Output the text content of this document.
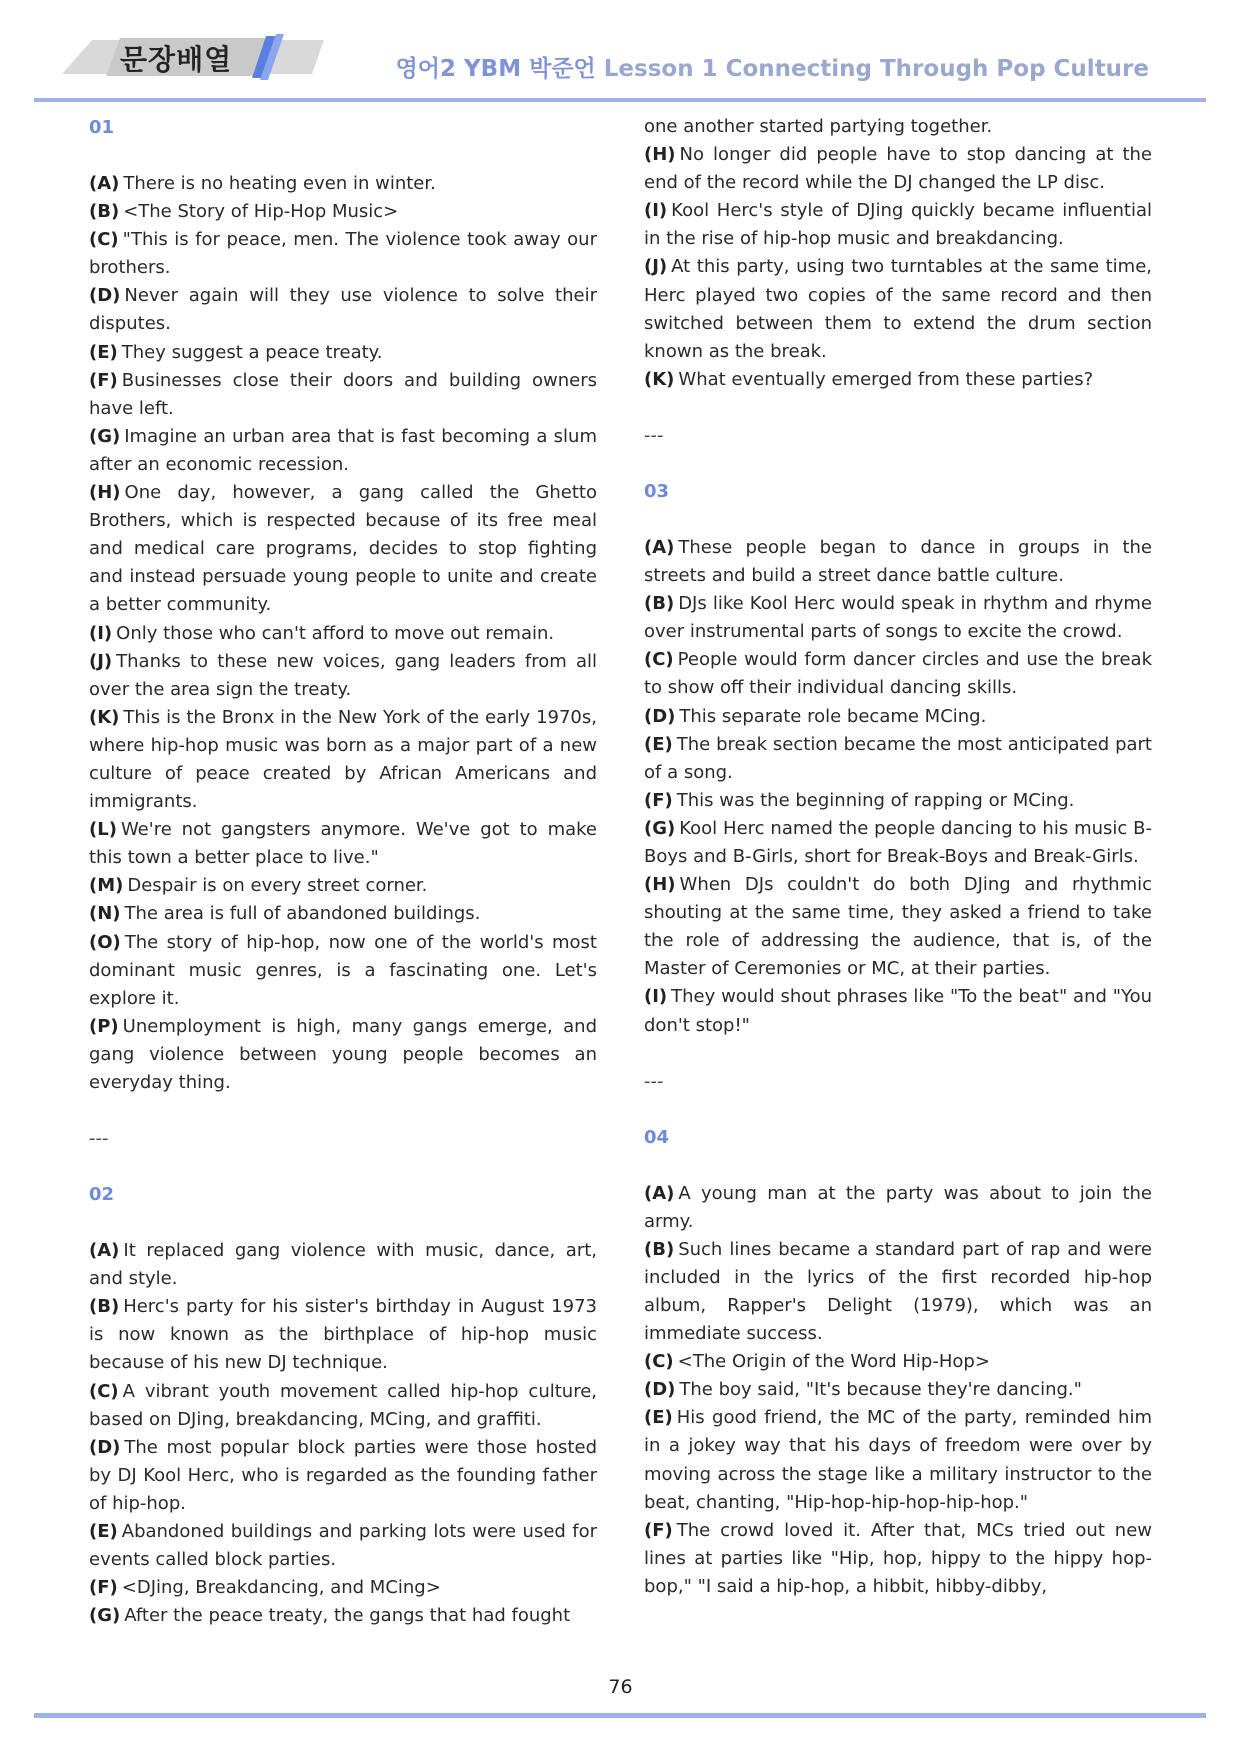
문장배열	영어2 YBM 박준언 Lesson 1 Connecting Through Pop Culture
01

(A) There is no heating even in winter.

(B) <The Story of Hip-Hop Music>

(C) "This is for peace, men. The violence took away our brothers.

(D) Never again will they use violence to solve their disputes.

(E) They suggest a peace treaty.

(F) Businesses close their doors and building owners have left.

(G) Imagine an urban area that is fast becoming a slum after an economic recession.

(H) One day, however, a gang called the Ghetto Brothers, which is respected because of its free meal and medical care programs, decides to stop fighting and instead persuade young people to unite and create a better community.

(I) Only those who can't afford to move out remain.

(J) Thanks to these new voices, gang leaders from all over the area sign the treaty.

(K) This is the Bronx in the New York of the early 1970s, where hip-hop music was born as a major part of a new culture of peace created by African Americans and immigrants.

(L) We're not gangsters anymore. We've got to make this town a better place to live."

(M) Despair is on every street corner.

(N) The area is full of abandoned buildings.

(O) The story of hip-hop, now one of the world's most dominant music genres, is a fascinating one. Let's explore it.

(P) Unemployment is high, many gangs emerge, and gang violence between young people becomes an everyday thing.

---
02

(A) It replaced gang violence with music, dance, art, and style.

(B) Herc's party for his sister's birthday in August 1973 is now known as the birthplace of hip-hop music because of his new DJ technique.

(C) A vibrant youth movement called hip-hop culture, based on DJing, breakdancing, MCing, and graffiti.

(D) The most popular block parties were those hosted by DJ Kool Herc, who is regarded as the founding father of hip-hop.

(E) Abandoned buildings and parking lots were used for events called block parties.

(F) <DJing, Breakdancing, and MCing>

(G) After the peace treaty, the gangs that had fought

one another started partying together.

(H) No longer did people have to stop dancing at the end of the record while the DJ changed the LP disc.

(I) Kool Herc's style of DJing quickly became influential in the rise of hip-hop music and breakdancing.

(J) At this party, using two turntables at the same time, Herc played two copies of the same record and then switched between them to extend the drum section known as the break.

(K) What eventually emerged from these parties?

---
03

(A) These people began to dance in groups in the streets and build a street dance battle culture.

(B) DJs like Kool Herc would speak in rhythm and rhyme over instrumental parts of songs to excite the crowd.

(C) People would form dancer circles and use the break to show off their individual dancing skills.

(D) This separate role became MCing.

(E) The break section became the most anticipated part of a song.

(F) This was the beginning of rapping or MCing.

(G) Kool Herc named the people dancing to his music B-Boys and B-Girls, short for Break-Boys and Break-Girls.

(H) When DJs couldn't do both DJing and rhythmic shouting at the same time, they asked a friend to take the role of addressing the audience, that is, of the Master of Ceremonies or MC, at their parties.

(I) They would shout phrases like "To the beat" and "You don't stop!"

---
04

(A) A young man at the party was about to join the army.

(B) Such lines became a standard part of rap and were included in the lyrics of the first recorded hip-hop album, Rapper's Delight (1979), which was an immediate success.

(C) <The Origin of the Word Hip-Hop>

(D) The boy said, "It's because they're dancing."

(E) His good friend, the MC of the party, reminded him in a jokey way that his days of freedom were over by moving across the stage like a military instructor to the beat, chanting, "Hip-hop-hip-hop-hip-hop."

(F) The crowd loved it. After that, MCs tried out new lines at parties like "Hip, hop, hippy to the hippy hop-bop," "I said a hip-hop, a hibbit, hibby-dibby,

76
